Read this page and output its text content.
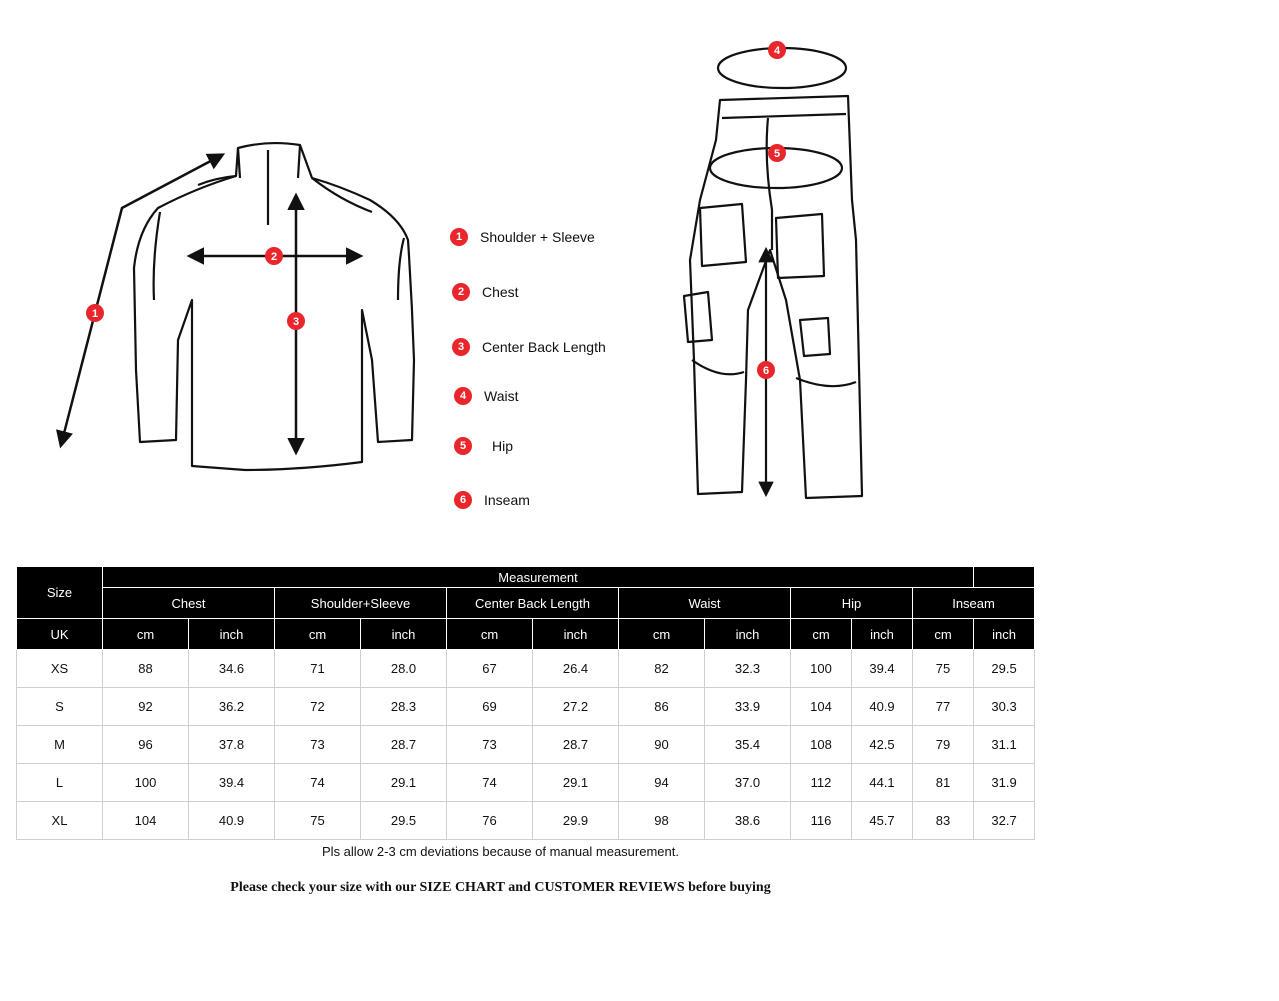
1
2
3
4
5
6
1	Shoulder + Sleeve
2	Chest
3	Center Back Length
4	Waist
5	Hip
6	Inseam
Size	Measurement											
	Chest		Shoulder+Sleeve		Center Back Length		Waist		Hip		Inseam	
UK	cm	inch	cm	inch	cm	inch	cm	inch	cm	inch	cm	inch
XS	88	34.6	71	28.0	67	26.4	82	32.3	100	39.4	75	29.5
S	92	36.2	72	28.3	69	27.2	86	33.9	104	40.9	77	30.3
M	96	37.8	73	28.7	73	28.7	90	35.4	108	42.5	79	31.1
L	100	39.4	74	29.1	74	29.1	94	37.0	112	44.1	81	31.9
XL	104	40.9	75	29.5	76	29.9	98	38.6	116	45.7	83	32.7
Pls allow 2-3 cm deviations because of manual measurement.
Please check your size with our SIZE CHART and CUSTOMER REVIEWS before buying
